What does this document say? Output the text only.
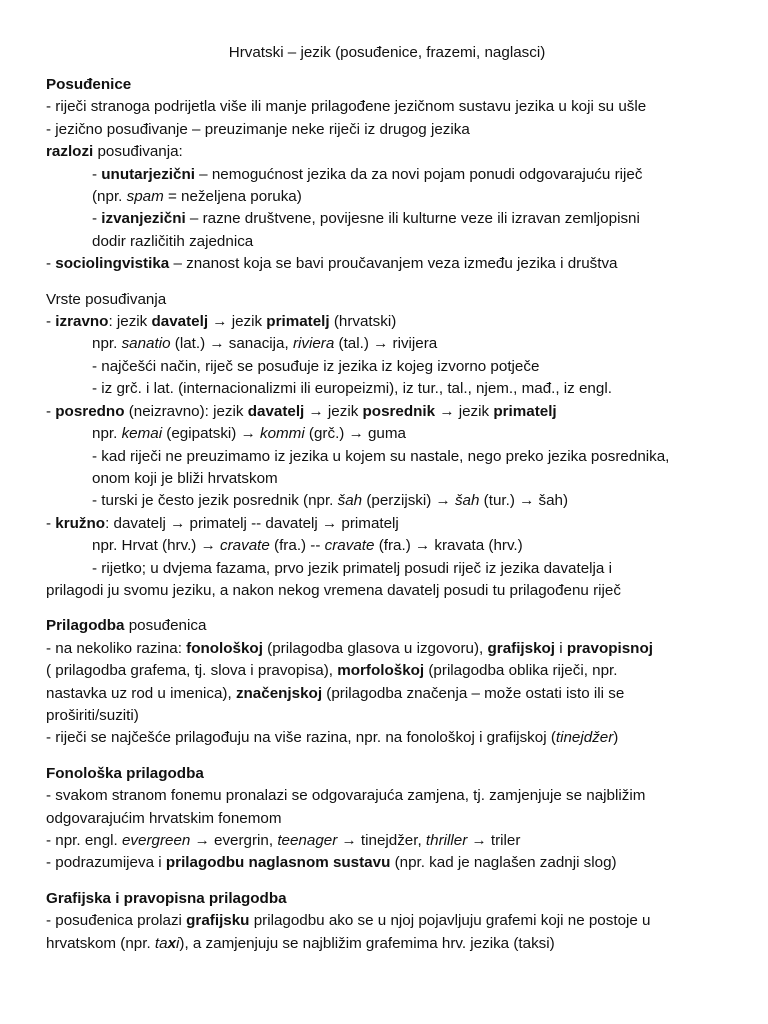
Hrvatski – jezik (posuđenice, frazemi, naglasci)
Posuđenice
- riječi stranoga podrijetla više ili manje prilagođene jezičnom sustavu jezika u koji su ušle
- jezično posuđivanje – preuzimanje neke riječi iz drugog jezika
razlozi posuđivanja:
- unutarjezični – nemogućnost jezika da za novi pojam ponudi odgovarajuću riječ
(npr. spam = neželjena poruka)
- izvanjezični – razne društvene, povijesne ili kulturne veze ili izravan zemljopisni
dodir različitih zajednica
- sociolingvistika – znanost koja se bavi proučavanjem veza između jezika i društva
Vrste posuđivanja
- izravno: jezik davatelj → jezik primatelj (hrvatski)
npr. sanatio (lat.) → sanacija, riviera (tal.) → rivijera
- najčešći način, riječ se posuđuje iz jezika iz kojeg izvorno potječe
- iz grč. i lat. (internacionalizmi ili europeizmi), iz tur., tal., njem., mađ., iz engl.
- posredno (neizravno): jezik davatelj → jezik posrednik → jezik primatelj
npr. kemai (egipatski) → kommi (grč.) → guma
- kad riječi ne preuzimamo iz jezika u kojem su nastale, nego preko jezika posrednika,
onom koji je bliži hrvatskom
- turski je često jezik posrednik (npr. šah (perzijski) → šah (tur.) → šah)
- kružno: davatelj → primatelj -- davatelj → primatelj
npr. Hrvat (hrv.) → cravate (fra.) -- cravate (fra.) → kravata (hrv.)
- rijetko; u dvjema fazama, prvo jezik primatelj posudi riječ iz jezika davatelja i
prilagodi ju svomu jeziku, a nakon nekog vremena davatelj posudi tu prilagođenu riječ
Prilagodba posuđenica
- na nekoliko razina: fonološkoj (prilagodba glasova u izgovoru), grafijskoj i pravopisnoj
( prilagodba grafema, tj. slova i pravopisa), morfološkoj (prilagodba oblika riječi, npr.
nastavka uz rod u imenica), značenjskoj (prilagodba značenja – može ostati isto ili se
proširiti/suziti)
- riječi se najčešće prilagođuju na više razina, npr. na fonološkoj i grafijskoj (tinejdžer)
Fonološka prilagodba
- svakom stranom fonemu pronalazi se odgovarajuća zamjena, tj. zamjenjuje se najbližim
odgovarajućim hrvatskim fonemom
- npr. engl. evergreen → evergrin, teenager → tinejdžer, thriller → triler
- podrazumijeva i prilagodbu naglasnom sustavu (npr. kad je naglašen zadnji slog)
Grafijska i pravopisna prilagodba
- posuđenica prolazi grafijsku prilagodbu ako se u njoj pojavljuju grafemi koji ne postoje u
hrvatskom (npr. taxi), a zamjenjuju se najbližim grafemima hrv. jezika (taksi)
